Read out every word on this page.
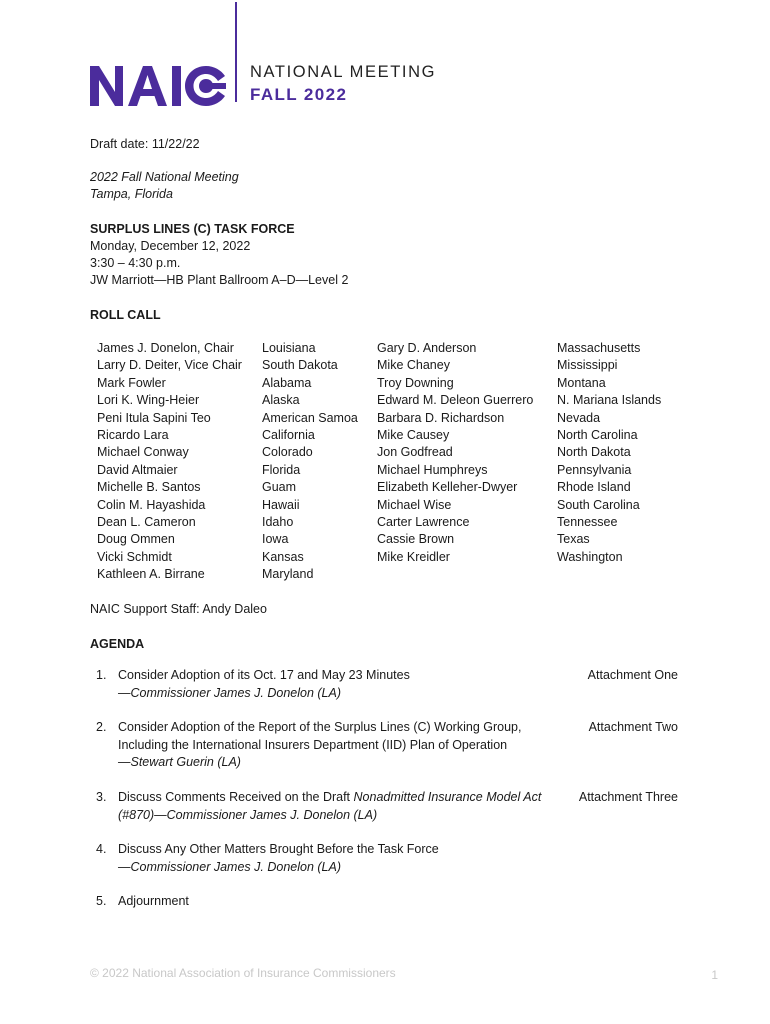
NATIONAL MEETING
FALL 2022
Draft date: 11/22/22
2022 Fall National Meeting
Tampa, Florida
SURPLUS LINES (C) TASK FORCE
Monday, December 12, 2022
3:30 – 4:30 p.m.
JW Marriott—HB Plant Ballroom A–D—Level 2
ROLL CALL
James J. Donelon, Chair
Larry D. Deiter, Vice Chair
Mark Fowler
Lori K. Wing-Heier
Peni Itula Sapini Teo
Ricardo Lara
Michael Conway
David Altmaier
Michelle B. Santos
Colin M. Hayashida
Dean L. Cameron
Doug Ommen
Vicki Schmidt
Kathleen A. Birrane
Louisiana
South Dakota
Alabama
Alaska
American Samoa
California
Colorado
Florida
Guam
Hawaii
Idaho
Iowa
Kansas
Maryland
Gary D. Anderson
Mike Chaney
Troy Downing
Edward M. Deleon Guerrero
Barbara D. Richardson
Mike Causey
Jon Godfread
Michael Humphreys
Elizabeth Kelleher-Dwyer
Michael Wise
Carter Lawrence
Cassie Brown
Mike Kreidler
Massachusetts
Mississippi
Montana
N. Mariana Islands
Nevada
North Carolina
North Dakota
Pennsylvania
Rhode Island
South Carolina
Tennessee
Texas
Washington
NAIC Support Staff: Andy Daleo
AGENDA
1. Consider Adoption of its Oct. 17 and May 23 Minutes
—Commissioner James J. Donelon (LA)
Attachment One
2. Consider Adoption of the Report of the Surplus Lines (C) Working Group,
Including the International Insurers Department (IID) Plan of Operation
—Stewart Guerin (LA)
Attachment Two
3. Discuss Comments Received on the Draft Nonadmitted Insurance Model Act
(#870)—Commissioner James J. Donelon (LA)
Attachment Three
4. Discuss Any Other Matters Brought Before the Task Force
—Commissioner James J. Donelon (LA)
5. Adjournment
© 2022 National Association of Insurance Commissioners	1
